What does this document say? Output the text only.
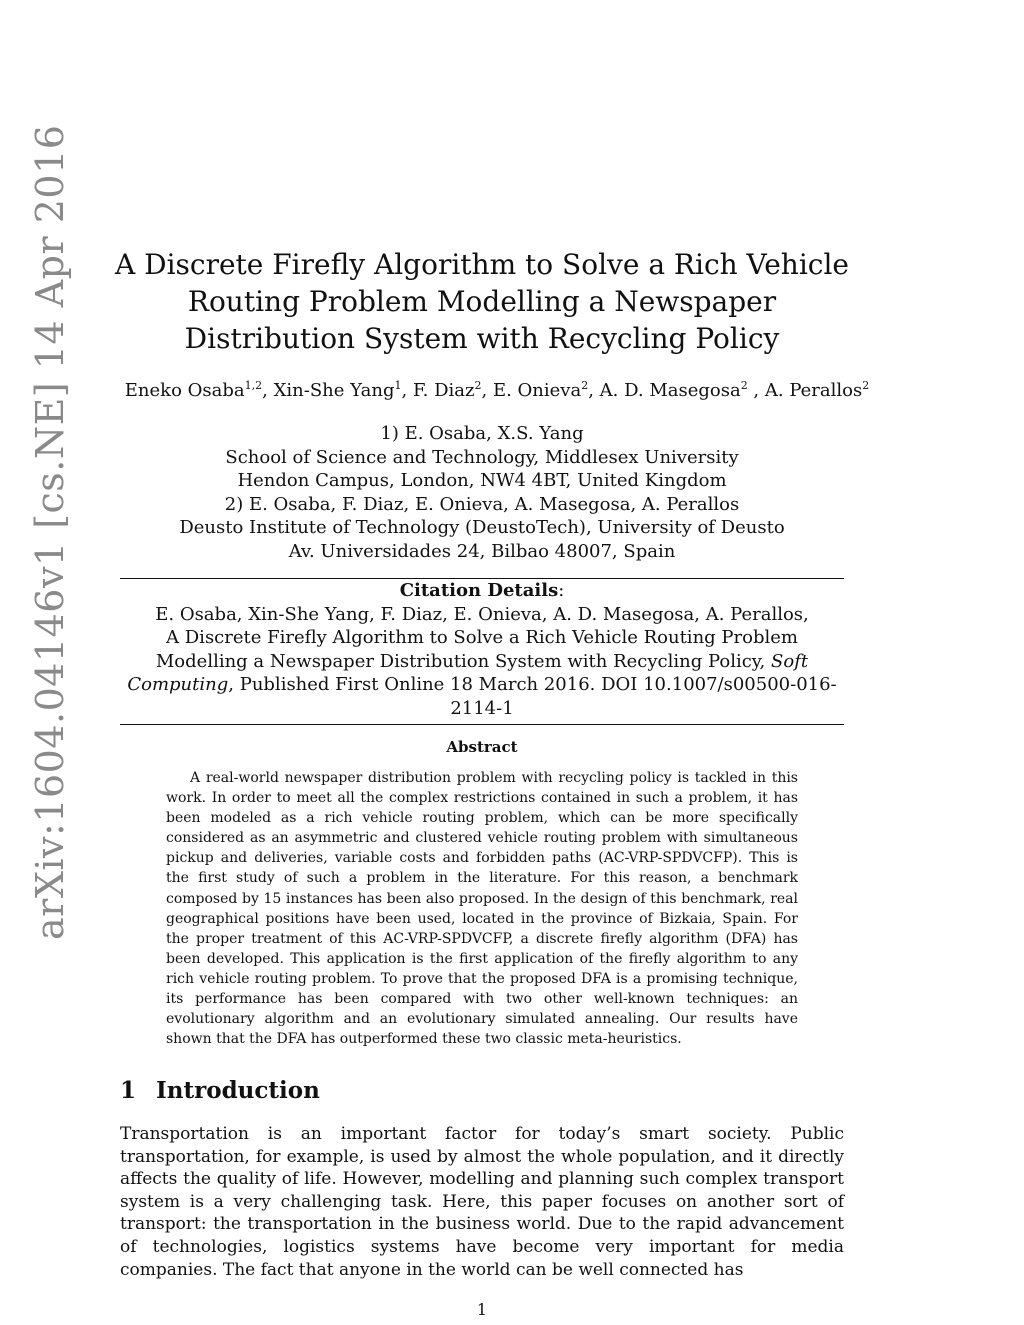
arXiv:1604.04146v1 [cs.NE] 14 Apr 2016 A Discrete Firefly Algorithm to Solve a Rich Vehicle Routing Problem Modelling a Newspaper Distribution System with Recycling Policy
Eneko Osaba$^{1,2}$, Xin-She Yang$^1$, F. Diaz$^2$, E. Onieva$^2$, A. D. Masegosa$^2$ , A. Perallos$^2$
1) E. Osaba, X.S. Yang
School of Science and Technology, Middlesex University
Hendon Campus, London, NW4 4BT, United Kingdom
2) E. Osaba, F. Diaz, E. Onieva, A. Masegosa, A. Perallos
Deusto Institute of Technology (DeustoTech), University of Deusto
Av. Universidades 24, Bilbao 48007, Spain
Citation Details:
E. Osaba, Xin-She Yang, F. Diaz, E. Onieva, A. D. Masegosa, A. Perallos,
A Discrete Firefly Algorithm to Solve a Rich Vehicle Routing Problem Modelling a Newspaper Distribution System with Recycling Policy, Soft Computing, Published First Online 18 March 2016. DOI 10.1007/s00500-016-2114-1
Abstract
A real-world newspaper distribution problem with recycling policy is tackled in this work. In order to meet all the complex restrictions contained in such a problem, it has been modeled as a rich vehicle routing problem, which can be more specifically considered as an asymmetric and clustered vehicle routing problem with simultaneous pickup and deliveries, variable costs and forbidden paths (AC-VRP-SPDVCFP). This is the first study of such a problem in the literature. For this reason, a benchmark composed by 15 instances has been also proposed. In the design of this benchmark, real geographical positions have been used, located in the province of Bizkaia, Spain. For the proper treatment of this AC-VRP-SPDVCFP, a discrete firefly algorithm (DFA) has been developed. This application is the first application of the firefly algorithm to any rich vehicle routing problem. To prove that the proposed DFA is a promising technique, its performance has been compared with two other well-known techniques: an evolutionary algorithm and an evolutionary simulated annealing. Our results have shown that the DFA has outperformed these two classic meta-heuristics.
1 Introduction
Transportation is an important factor for today’s smart society. Public transportation, for example, is used by almost the whole population, and it directly affects the quality of life. However, modelling and planning such complex transport system is a very challenging task. Here, this paper focuses on another sort of transport: the transportation in the business world. Due to the rapid advancement of technologies, logistics systems have become very important for media companies. The fact that anyone in the world can be well connected has
1
